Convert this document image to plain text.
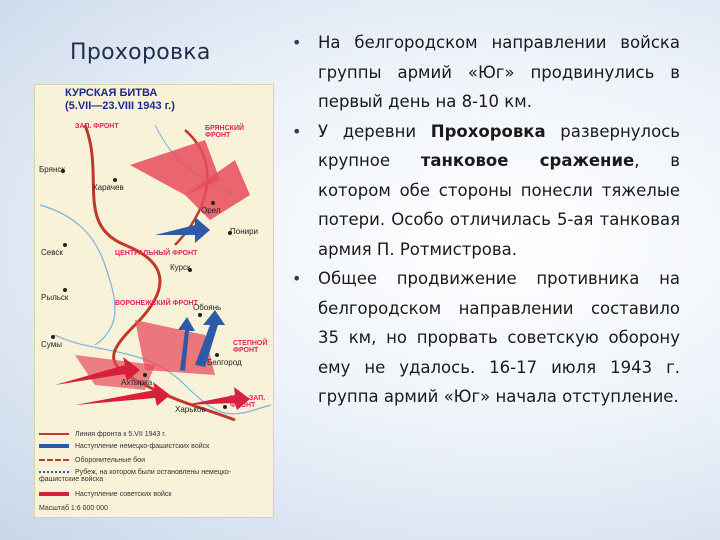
Прохоровка
КУРСКАЯ БИТВА
(5.VII—23.VIII 1943 г.)
ЗАП. ФРОНТ	БРЯНСКИЙ ФРОНТ
ЦЕНТРАЛЬНЫЙ ФРОНТ
ВОРОНЕЖСКИЙ ФРОНТ
СТЕПНОЙ ФРОНТ
ЮГО-ЗАП. ФРОНТ
Брянск
Карачев
Орел
Понири
Севск
Курск
Рыльск
Сумы
Обоянь
Белгород
Ахтырка
Харьков
Линия фронта к 5.VII 1943 г.
Наступление немецко-фашистских войск
Оборонительные бои
Рубеж, на котором были остановлены немецко-фашистские войска
Наступление советских войск
Масштаб 1:6 000 000
• На белгородском направлении войска группы армий «Юг» продвинулись в первый день на 8-10 км.
• У деревни Прохоровка развернулось крупное танковое сражение, в котором обе стороны понесли тяжелые потери. Особо отличилась 5-ая танковая армия П. Ротмистрова.
• Общее продвижение противника на белгородском направлении составило 35 км, но прорвать советскую оборону ему не удалось. 16-17 июля 1943 г. группа армий «Юг» начала отступление.
